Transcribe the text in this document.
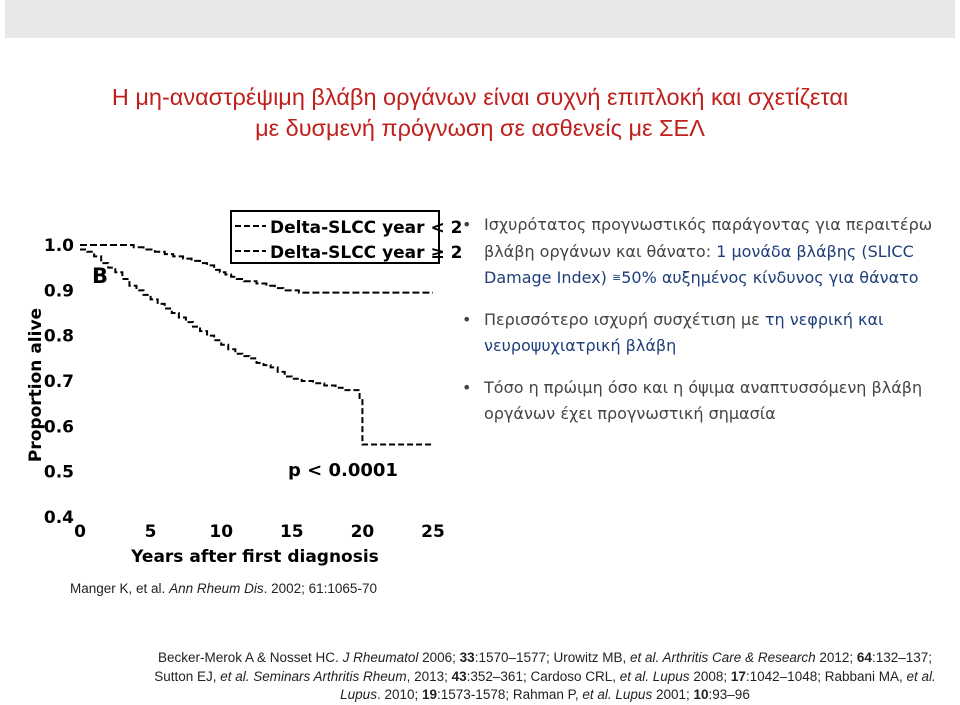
Η μη-αναστρέψιμη βλάβη οργάνων είναι συχνή επιπλοκή και σχετίζεται
με δυσμενή πρόγνωση σε ασθενείς με ΣΕΛ
0	5	10	15	20	25
1.0
0.9
0.8
0.7
0.6
0.5
0.4
Delta-SLCC year < 2
Delta-SLCC year ≥ 2
B
p < 0.0001
Years after first diagnosis
Proportion alive
• Ισχυρότατος προγνωστικός παράγοντας για περαιτέρω βλάβη οργάνων και θάνατο: 1 μονάδα βλάβης (SLICC Damage Index) ≅50% αυξημένος κίνδυνος για θάνατο
• Περισσότερο ισχυρή συσχέτιση με τη νεφρική και νευροψυχιατρική βλάβη
• Τόσο η πρώιμη όσο και η όψιμα αναπτυσσόμενη βλάβη οργάνων έχει προγνωστική σημασία
Manger K, et al. Ann Rheum Dis. 2002; 61:1065-70
Becker-Merok A & Nosset HC. J Rheumatol 2006; 33:1570–1577; Urowitz MB, et al. Arthritis Care & Research 2012; 64:132–137; Sutton EJ, et al. Seminars Arthritis Rheum, 2013; 43:352–361; Cardoso CRL, et al. Lupus 2008; 17:1042–1048; Rabbani MA, et al. Lupus. 2010; 19:1573-1578; Rahman P, et al. Lupus 2001; 10:93–96
